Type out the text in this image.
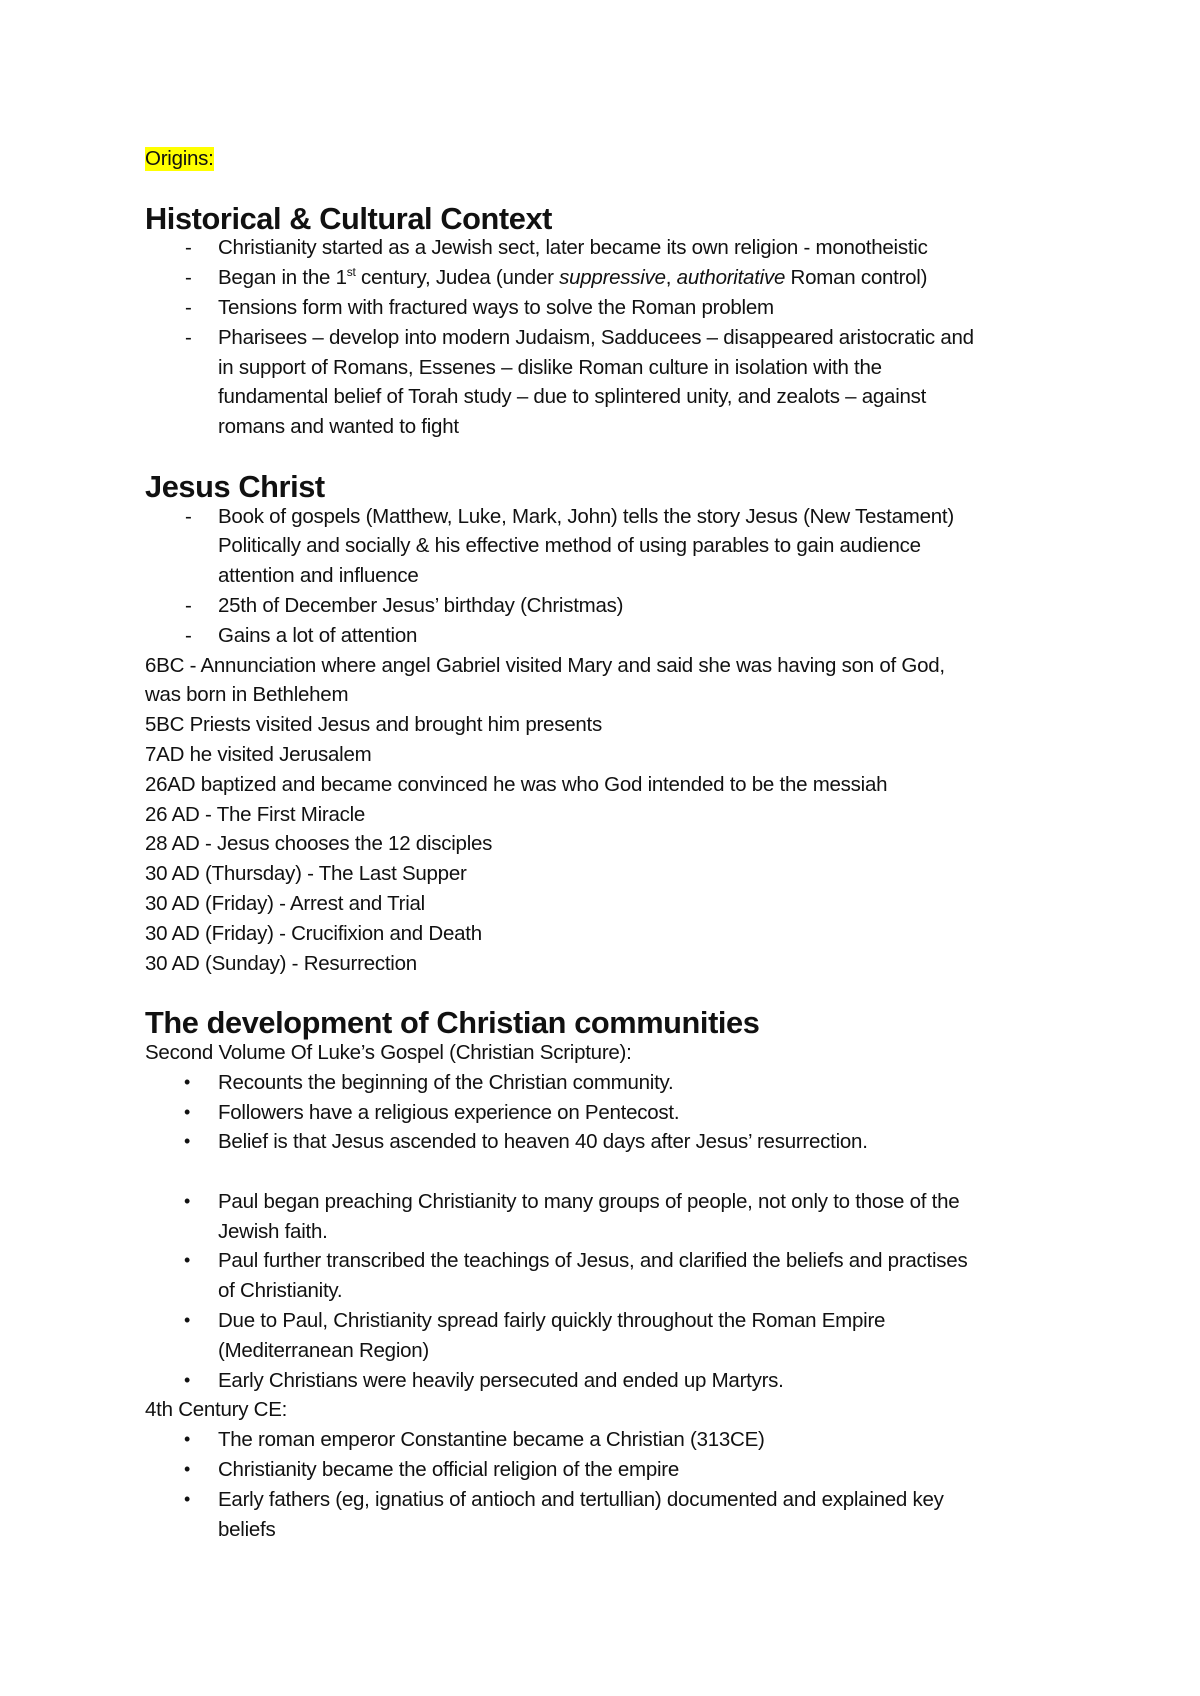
Origins:
Historical & Cultural Context
- Christianity started as a Jewish sect, later became its own religion - monotheistic
- Began in the 1st century, Judea (under suppressive, authoritative Roman control)
- Tensions form with fractured ways to solve the Roman problem
- Pharisees – develop into modern Judaism, Sadducees – disappeared aristocratic and
in support of Romans, Essenes – dislike Roman culture in isolation with the
fundamental belief of Torah study – due to splintered unity, and zealots – against
romans and wanted to fight
Jesus Christ
- Book of gospels (Matthew, Luke, Mark, John) tells the story Jesus (New Testament)
Politically and socially & his effective method of using parables to gain audience
attention and influence
- 25th of December Jesus’ birthday (Christmas)
- Gains a lot of attention

6BC - Annunciation where angel Gabriel visited Mary and said she was having son of God,

was born in Bethlehem

5BC Priests visited Jesus and brought him presents

7AD he visited Jerusalem

26AD baptized and became convinced he was who God intended to be the messiah

26 AD - The First Miracle

28 AD - Jesus chooses the 12 disciples

30 AD (Thursday) - The Last Supper

30 AD (Friday) - Arrest and Trial

30 AD (Friday) - Crucifixion and Death

30 AD (Sunday) - Resurrection

The development of Christian communities

Second Volume Of Luke’s Gospel (Christian Scripture):

• Recounts the beginning of the Christian community.
• Followers have a religious experience on Pentecost.
• Belief is that Jesus ascended to heaven 40 days after Jesus’ resurrection.
• Paul began preaching Christianity to many groups of people, not only to those of the
Jewish faith.
• Paul further transcribed the teachings of Jesus, and clarified the beliefs and practises
of Christianity.
• Due to Paul, Christianity spread fairly quickly throughout the Roman Empire
(Mediterranean Region)
• Early Christians were heavily persecuted and ended up Martyrs.

4th Century CE:

• The roman emperor Constantine became a Christian (313CE)
• Christianity became the official religion of the empire
• Early fathers (eg, ignatius of antioch and tertullian) documented and explained key
beliefs
